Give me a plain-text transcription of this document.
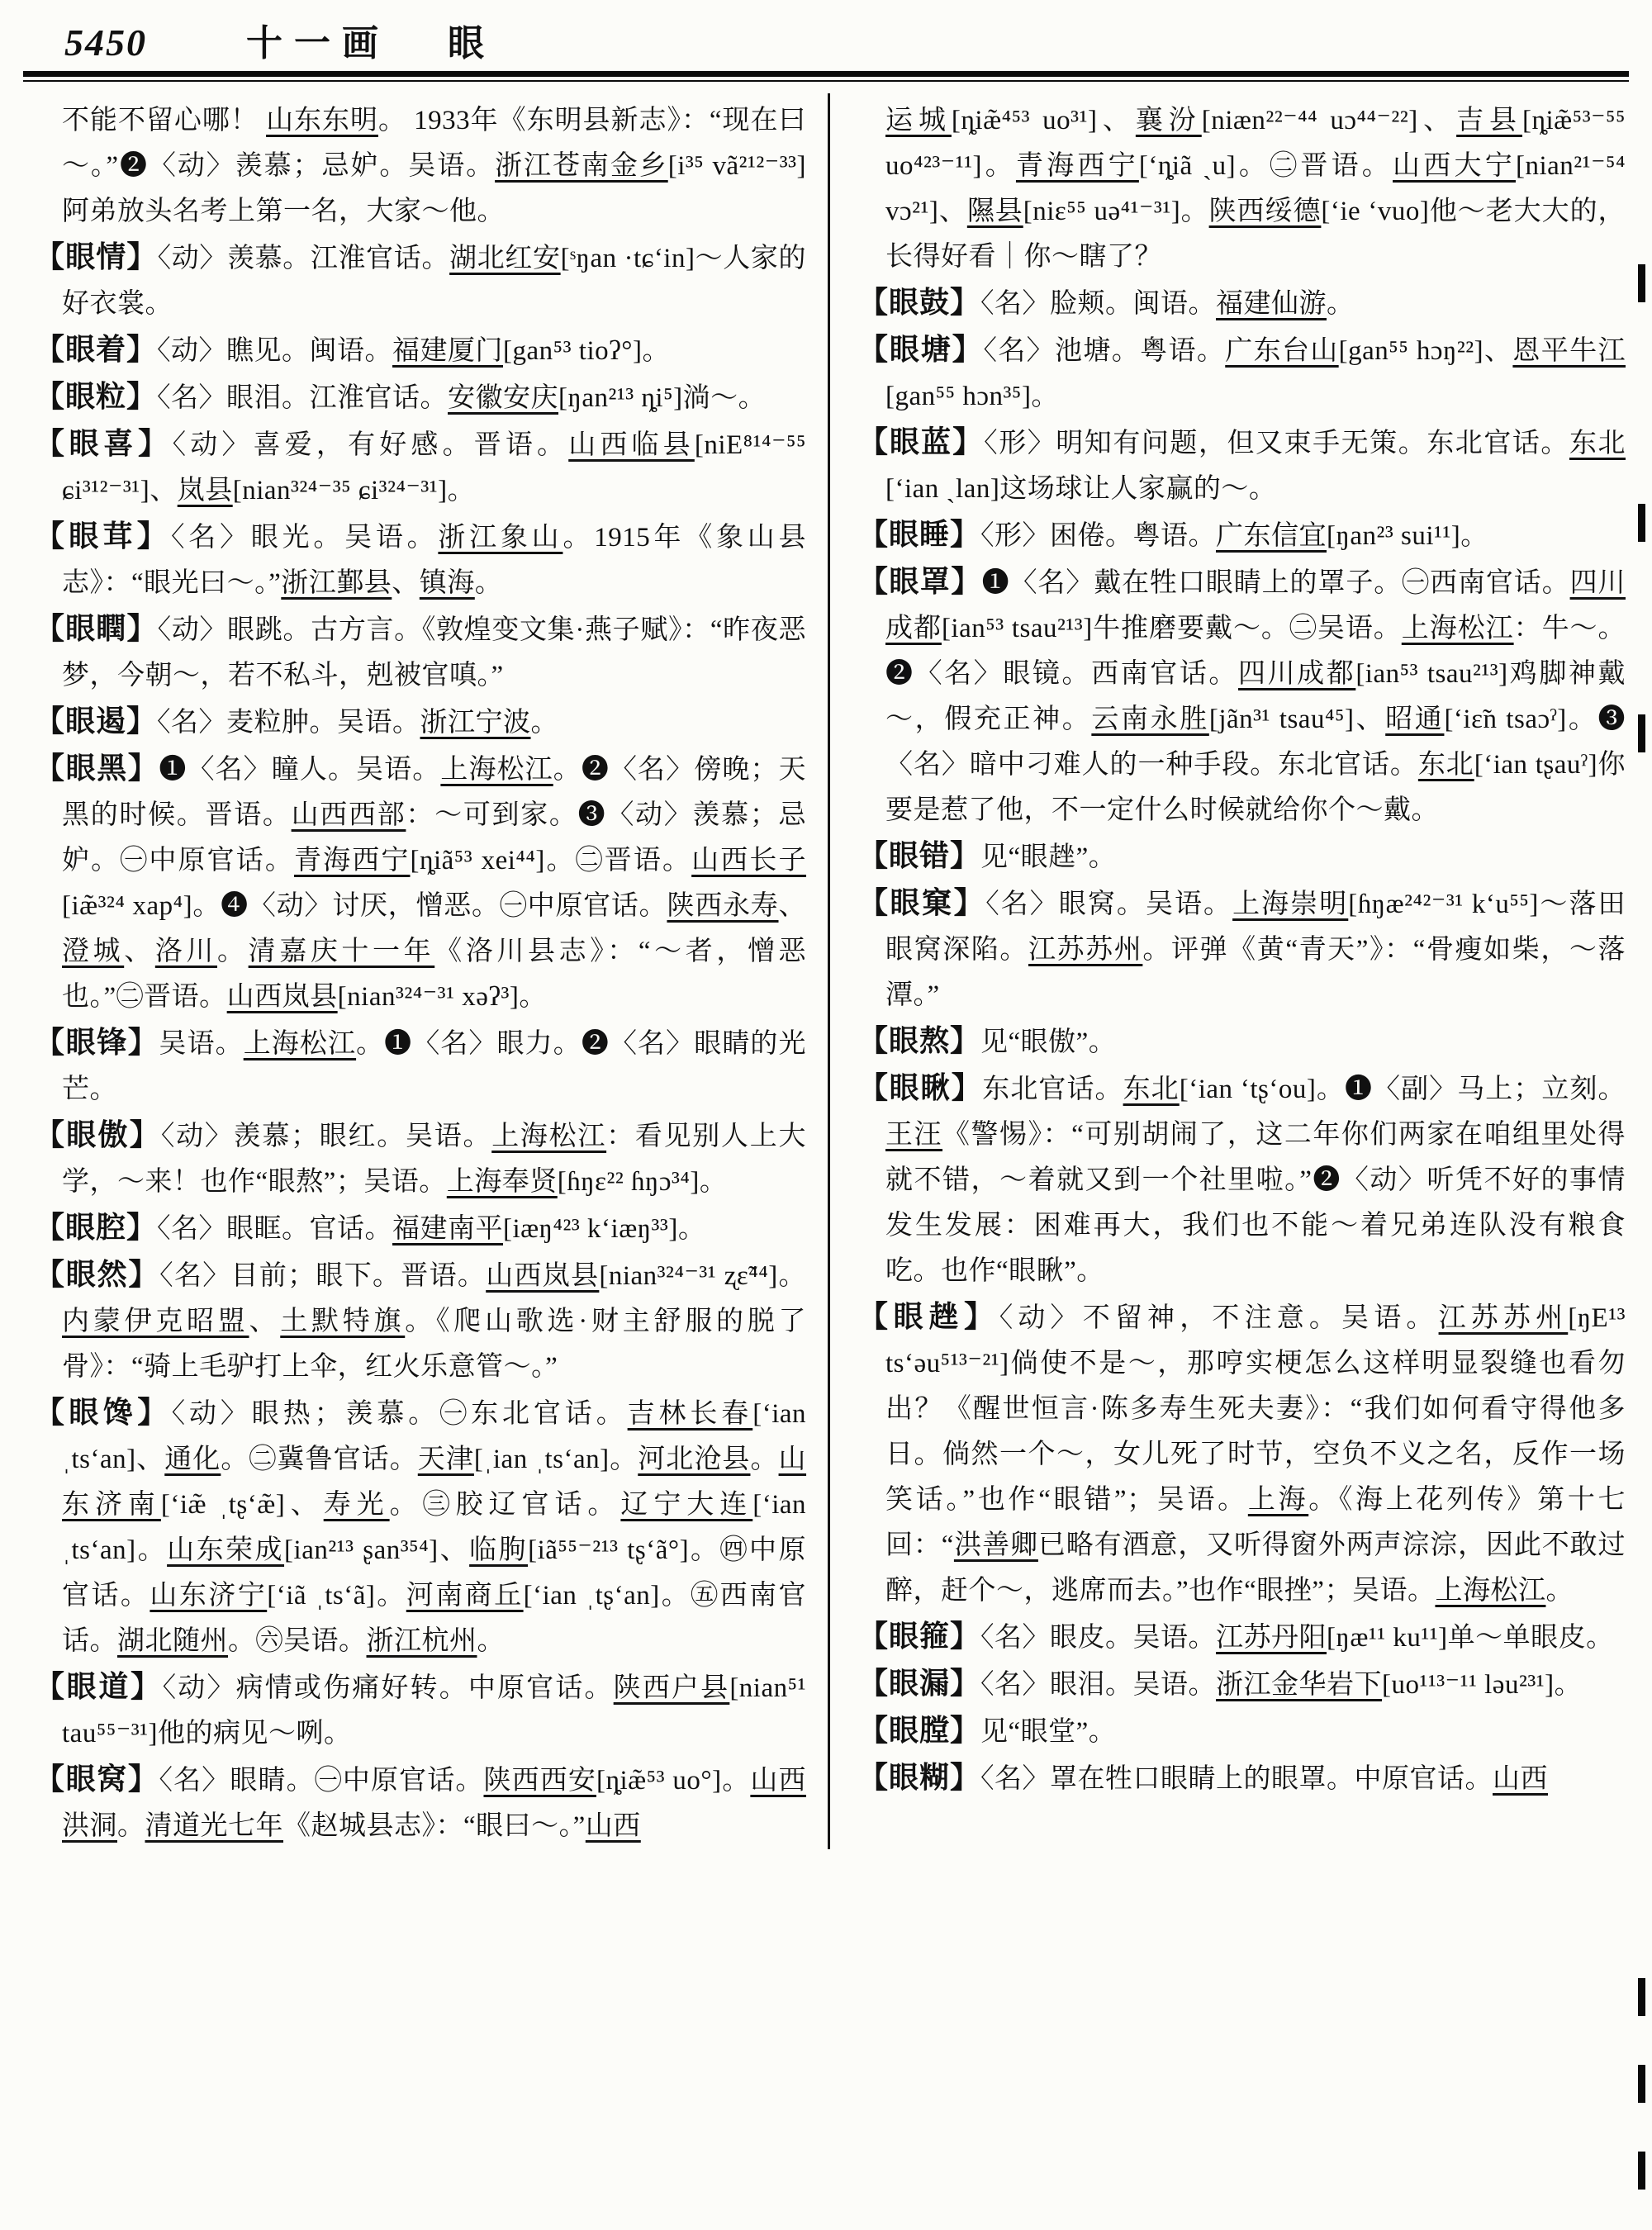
5450	十一画 眼

不能不留心哪！ 山东东明。 1933年《东明县新志》：“现在曰～。”❷〈动〉羡慕；忌妒。吴语。浙江苍南金乡[i³⁵ vã²¹²⁻³³]阿弟放头名考上第一名，大家～他。

【眼情】〈动〉羡慕。江淮官话。湖北红安[ˢŋan ·tɕʻin]～人家的好衣裳。

【眼着】〈动〉瞧见。闽语。福建厦门[gan⁵³ tioʔ°]。

【眼粒】〈名〉眼泪。江淮官话。安徽安庆[ŋan²¹³ ȵi⁵]淌～。

【眼喜】〈动〉喜爱，有好感。晋语。山西临县[niE⁸¹⁴⁻⁵⁵ ɕi³¹²⁻³¹]、岚县[nian³²⁴⁻³⁵ ɕi³²⁴⁻³¹]。

【眼茸】〈名〉眼光。吴语。浙江象山。1915年《象山县志》：“眼光曰～。”浙江鄞县、镇海。

【眼瞤】〈动〉眼跳。古方言。《敦煌变文集·燕子赋》：“昨夜恶梦，今朝～，若不私斗，剋被官嗔。”

【眼遏】〈名〉麦粒肿。吴语。浙江宁波。

【眼黑】❶〈名〉瞳人。吴语。上海松江。❷〈名〉傍晚；天黑的时候。晋语。山西西部：～可到家。❸〈动〉羡慕；忌妒。㊀中原官话。青海西宁[ȵiã⁵³ xei⁴⁴]。㊁晋语。山西长子[iæ̃³²⁴ xap⁴]。❹〈动〉讨厌，憎恶。㊀中原官话。陕西永寿、澄城、洛川。清嘉庆十一年《洛川县志》：“～者，憎恶也。”㊁晋语。山西岚县[nian³²⁴⁻³¹ xəʔ³]。

【眼锋】吴语。上海松江。❶〈名〉眼力。❷〈名〉眼睛的光芒。

【眼傲】〈动〉羡慕；眼红。吴语。上海松江：看见别人上大学，～来！也作“眼熬”；吴语。上海奉贤[ɦŋɛ²² ɦŋɔ³⁴]。

【眼腔】〈名〉眼眶。官话。福建南平[iæŋ⁴²³ kʻiæŋ³³]。

【眼然】〈名〉目前；眼下。晋语。山西岚县[nian³²⁴⁻³¹ ʐɛ̃⁴⁴]。内蒙伊克昭盟、土默特旗。《爬山歌选·财主舒服的脱了骨》：“骑上毛驴打上伞，红火乐意管～。”

【眼馋】〈动〉眼热；羡慕。㊀东北官话。吉林长春[ʻian ˌtsʻan]、通化。㊁冀鲁官话。天津[ˌian ˌtsʻan]。河北沧县。山东济南[ʻiæ̃ ˌtʂʻæ̃]、寿光。㊂胶辽官话。辽宁大连[ʻian ˌtsʻan]。山东荣成[ian²¹³ ʂan³⁵⁴]、临朐[iã⁵⁵⁻²¹³ tʂʻã°]。㊃中原官话。山东济宁[ʻiã ˌtsʻã]。河南商丘[ʻian ˌtʂʻan]。㊄西南官话。湖北随州。㊅吴语。浙江杭州。

【眼道】〈动〉病情或伤痛好转。中原官话。陕西户县[nian⁵¹ tau⁵⁵⁻³¹]他的病见～咧。

【眼窝】〈名〉眼睛。㊀中原官话。陕西西安[ȵiæ̃⁵³ uo°]。山西洪洞。清道光七年《赵城县志》：“眼曰～。”山西

运城[ȵiæ̃⁴⁵³ uo³¹]、襄汾[niæn²²⁻⁴⁴ uɔ⁴⁴⁻²²]、吉县[ȵiæ̃⁵³⁻⁵⁵ uo⁴²³⁻¹¹]。青海西宁[ʻȵiã ˎu]。㊁晋语。山西大宁[nian²¹⁻⁵⁴ vɔ²¹]、隰县[niɛ⁵⁵ uə⁴¹⁻³¹]。陕西绥德[ʻie ʻvuo]他～老大大的，长得好看｜你～瞎了？

【眼鼓】〈名〉脸颊。闽语。福建仙游。

【眼塘】〈名〉池塘。粤语。广东台山[gan⁵⁵ hɔŋ²²]、恩平牛江[gan⁵⁵ hɔn³⁵]。

【眼蓝】〈形〉明知有问题，但又束手无策。东北官话。东北[ʻian ˎlan]这场球让人家赢的～。

【眼睡】〈形〉困倦。粤语。广东信宜[ŋan²³ sui¹¹]。

【眼罩】❶〈名〉戴在牲口眼睛上的罩子。㊀西南官话。四川成都[ian⁵³ tsau²¹³]牛推磨要戴～。㊁吴语。上海松江：牛～。❷〈名〉眼镜。西南官话。四川成都[ian⁵³ tsau²¹³]鸡脚神戴～，假充正神。云南永胜[jãn³¹ tsau⁴⁵]、昭通[ʻiɛ̃n tsaɔˀ]。❸〈名〉暗中刁难人的一种手段。东北官话。东北[ʻian tʂauˀ]你要是惹了他，不一定什么时候就给你个～戴。

【眼错】见“眼趖”。

【眼窠】〈名〉眼窝。吴语。上海崇明[ɦŋæ²⁴²⁻³¹ kʻu⁵⁵]～落田眼窝深陷。江苏苏州。评弹《黄“青天”》：“骨瘦如柴，～落潭。”

【眼熬】见“眼傲”。

【眼瞅】东北官话。东北[ʻian ʻtʂʻou]。❶〈副〉马上；立刻。王汪《警惕》：“可别胡闹了，这二年你们两家在咱组里处得就不错，～着就又到一个社里啦。”❷〈动〉听凭不好的事情发生发展：困难再大，我们也不能～着兄弟连队没有粮食吃。也作“眼瞅”。

【眼趖】〈动〉不留神，不注意。吴语。江苏苏州[ŋE¹³ tsʻəu⁵¹³⁻²¹]倘使不是～，那哼实梗怎么这样明显裂缝也看勿出？《醒世恒言·陈多寿生死夫妻》：“我们如何看守得他多日。倘然一个～，女儿死了时节，空负不义之名，反作一场笑话。”也作“眼错”；吴语。上海。《海上花列传》第十七回：“洪善卿已略有酒意，又听得窗外两声淙淙，因此不敢过醉，赶个～，逃席而去。”也作“眼挫”；吴语。上海松江。

【眼箍】〈名〉眼皮。吴语。江苏丹阳[ŋæ¹¹ ku¹¹]单～单眼皮。

【眼漏】〈名〉眼泪。吴语。浙江金华岩下[uo¹¹³⁻¹¹ ləu²³¹]。

【眼膛】见“眼堂”。

【眼糊】〈名〉罩在牲口眼睛上的眼罩。中原官话。山西
